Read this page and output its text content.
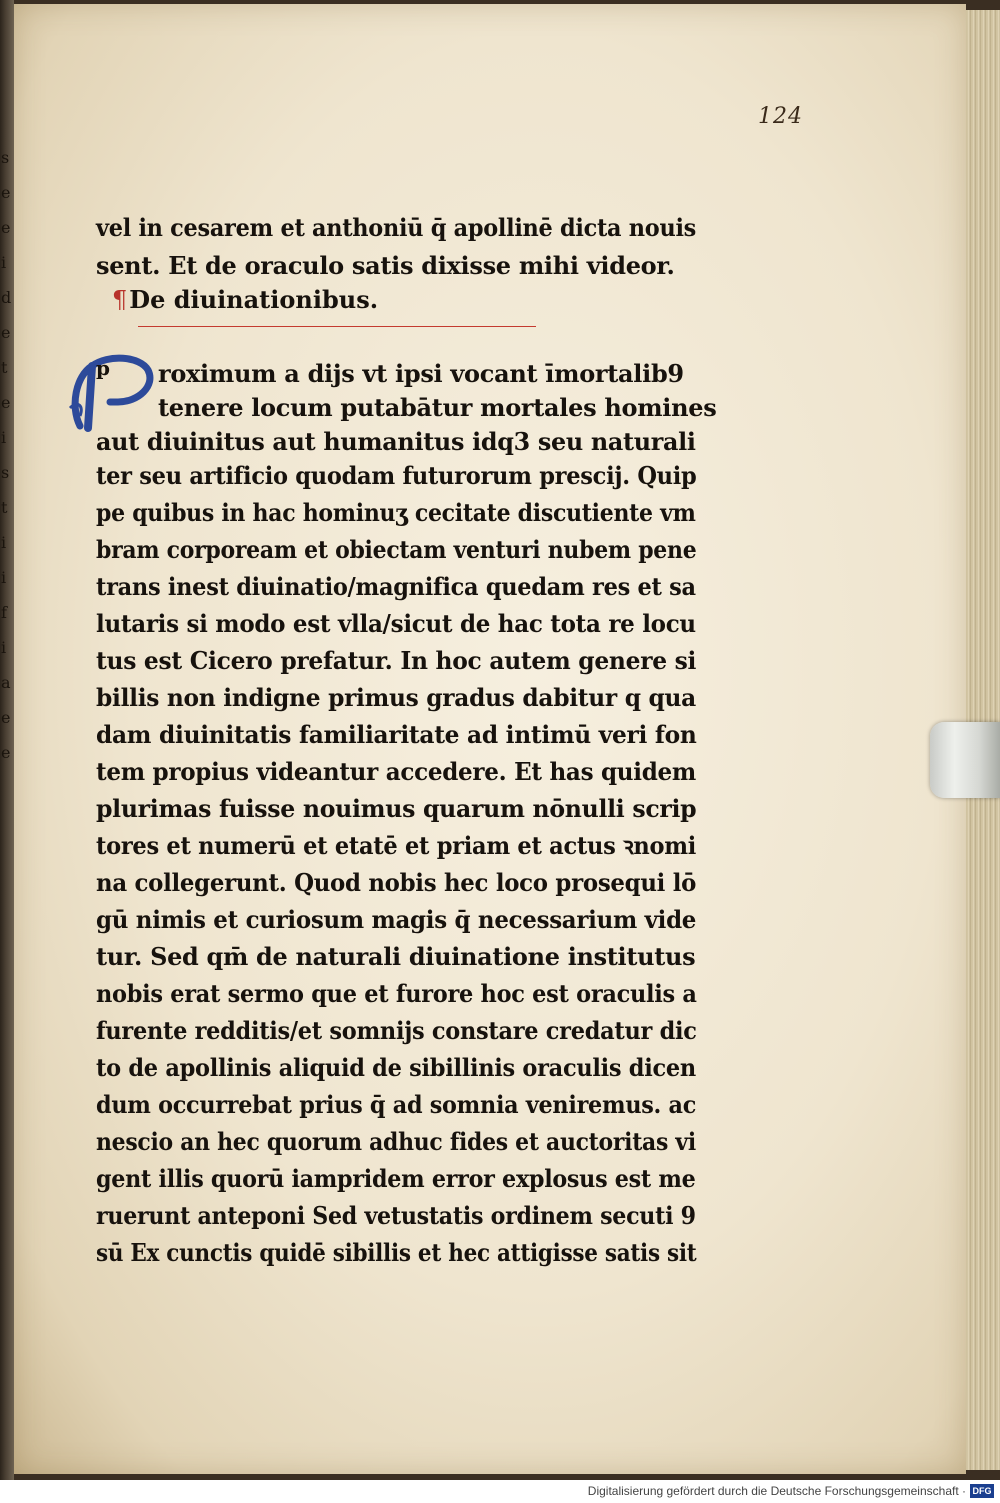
s e e i d e t e i s t i i f i a e e
124
vel in cesarem et anthoniū q̄ apollinē dicta nouis
sent. Et de oraculo satis dixisse mihi videor.
¶De diuinationibus.
p roximum a dijs vt ipsi vocant īmortalib9
tenere locum putabātur mortales homines
aut diuinitus aut humanitus idq3 seu naturali
ter seu artificio quodam futurorum prescij. Quip
pe quibus in hac hominuʒ cecitate discutiente vm
bram corpoream et obiectam venturi nubem pene
trans inest diuinatio/magnifica quedam res et sa
lutaris si modo est vlla/sicut de hac tota re locu
tus est Cicero prefatur. In hoc autem genere si
billis non indigne primus gradus dabitur q qua
dam diuinitatis familiaritate ad intimū veri fon
tem propius videantur accedere. Et has quidem
plurimas fuisse nouimus quarum nōnulli scrip
tores et numerū et etatē et priam et actus ꝛnomi
na collegerunt. Quod nobis hec loco prosequi lō
gū nimis et curiosum magis q̄ necessarium vide
tur. Sed qm̄ de naturali diuinatione institutus
nobis erat sermo que et furore hoc est oraculis a
furente redditis/et somnijs constare credatur dic
to de apollinis aliquid de sibillinis oraculis dicen
dum occurrebat prius q̄ ad somnia veniremus. ac
nescio an hec quorum adhuc fides et auctoritas vi
gent illis quorū iampridem error explosus est me
ruerunt anteponi Sed vetustatis ordinem secuti 9
sū Ex cunctis quidē sibillis et hec attigisse satis sit
Digitalisierung gefördert durch die Deutsche Forschungsgemeinschaft · DFG
